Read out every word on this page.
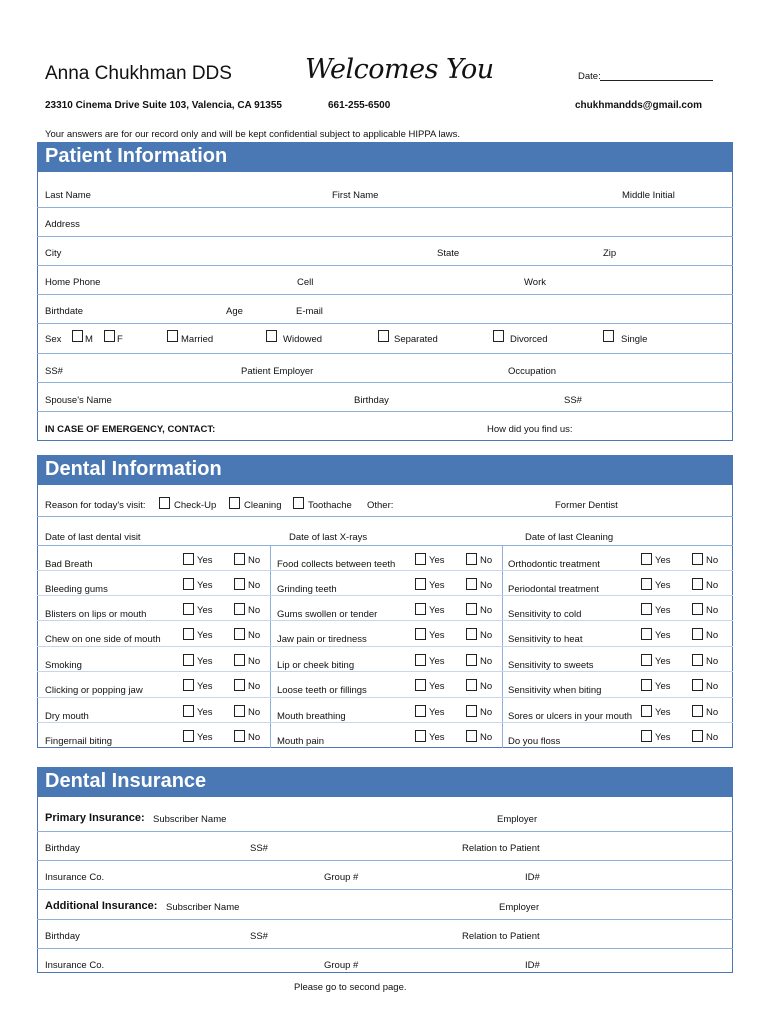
Anna Chukhman DDS	Welcomes You	Date:
23310 Cinema Drive Suite 103, Valencia, CA 91355	661-255-6500	chukhmandds@gmail.com
Your answers are for our record only and will be kept confidential subject to applicable HIPPA laws.
Patient Information
Last Name	First Name	Middle Initial
Address
City	State	Zip
Home Phone	Cell	Work
Birthdate	Age	E-mail
Sex M	F	Married	Widowed	Separated	Divorced	Single
SS#	Patient Employer	Occupation
Spouse's Name	Birthday	SS#
IN CASE OF EMERGENCY, CONTACT:	How did you find us:
Dental Information
Reason for today's visit:	Check-Up	Cleaning	Toothache Other:	Former Dentist
Date of last dental visit	Date of last X-rays	Date of last Cleaning
Bad Breath	Yes	No Food collects between teeth	Yes	No Orthodontic treatment	Yes	No
Bleeding gums	Yes	No Grinding teeth	Yes	No Periodontal treatment	Yes	No
Blisters on lips or mouth	Yes	No Gums swollen or tender	Yes	No Sensitivity to cold	Yes	No
Chew on one side of mouth	Yes	No Jaw pain or tiredness	Yes	No Sensitivity to heat	Yes	No
Smoking	Yes	No Lip or cheek biting	Yes	No Sensitivity to sweets	Yes	No
Clicking or popping jaw	Yes	No Loose teeth or fillings	Yes	No Sensitivity when biting	Yes	No
Dry mouth	Yes	No Mouth breathing	Yes	No Sores or ulcers in your mouth	Yes	No
Fingernail biting	Yes	No Mouth pain	Yes	No Do you floss	Yes	No
Dental Insurance
Primary Insurance: Subscriber Name	Employer
Birthday	SS#	Relation to Patient
Insurance Co.	Group #	ID#
Additional Insurance: Subscriber Name	Employer
Birthday	SS#	Relation to Patient
Insurance Co.	Group #	ID#
Please go to second page.
